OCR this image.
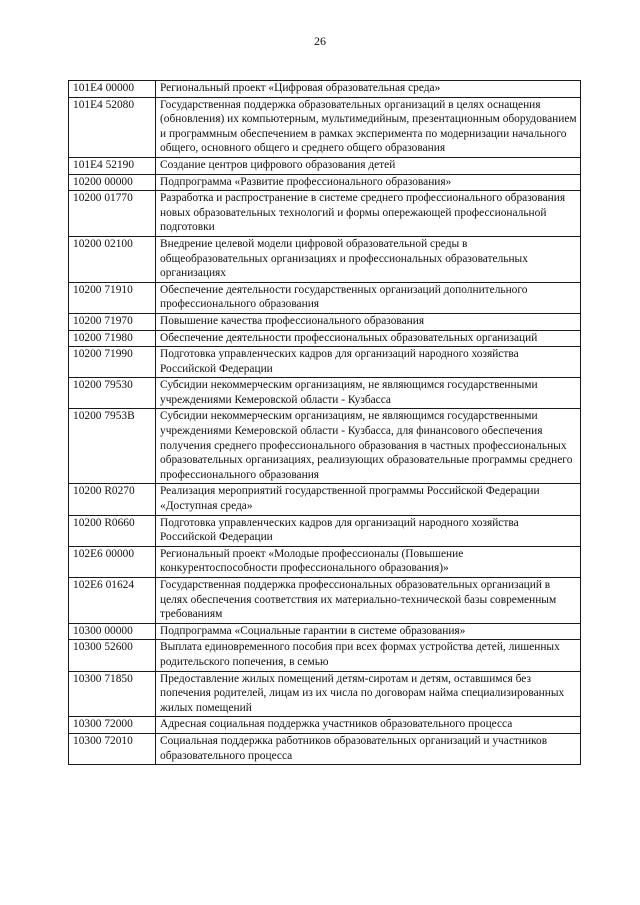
26
101E4 00000	Региональный проект «Цифровая образовательная среда»
101E4 52080	Государственная поддержка образовательных организаций в целях оснащения (обновления) их компьютерным, мультимедийным, презентационным оборудованием и программным обеспечением в рамках эксперимента по модернизации начального общего, основного общего и среднего общего образования
101E4 52190	Создание центров цифрового образования детей
10200 00000	Подпрограмма «Развитие профессионального образования»
10200 01770	Разработка и распространение в системе среднего профессионального образования новых образовательных технологий и формы опережающей профессиональной подготовки
10200 02100	Внедрение целевой модели цифровой образовательной среды в общеобразовательных организациях и профессиональных образовательных организациях
10200 71910	Обеспечение деятельности государственных организаций дополнительного профессионального образования
10200 71970	Повышение качества профессионального образования
10200 71980	Обеспечение деятельности профессиональных образовательных организаций
10200 71990	Подготовка управленческих кадров для организаций народного хозяйства Российской Федерации
10200 79530	Субсидии некоммерческим организациям, не являющимся государственными учреждениями Кемеровской области - Кузбасса
10200 7953B	Субсидии некоммерческим организациям, не являющимся государственными учреждениями Кемеровской области - Кузбасса, для финансового обеспечения получения среднего профессионального образования в частных профессиональных образовательных организациях, реализующих образовательные программы среднего профессионального образования
10200 R0270	Реализация мероприятий государственной программы Российской Федерации «Доступная среда»
10200 R0660	Подготовка управленческих кадров для организаций народного хозяйства Российской Федерации
102E6 00000	Региональный проект «Молодые профессионалы (Повышение конкурентоспособности профессионального образования)»
102E6 01624	Государственная поддержка профессиональных образовательных организаций в целях обеспечения соответствия их материально-технической базы современным требованиям
10300 00000	Подпрограмма «Социальные гарантии в системе образования»
10300 52600	Выплата единовременного пособия при всех формах устройства детей, лишенных родительского попечения, в семью
10300 71850	Предоставление жилых помещений детям-сиротам и детям, оставшимся без попечения родителей, лицам из их числа по договорам найма специализированных жилых помещений
10300 72000	Адресная социальная поддержка участников образовательного процесса
10300 72010	Социальная поддержка работников образовательных организаций и участников образовательного процесса
